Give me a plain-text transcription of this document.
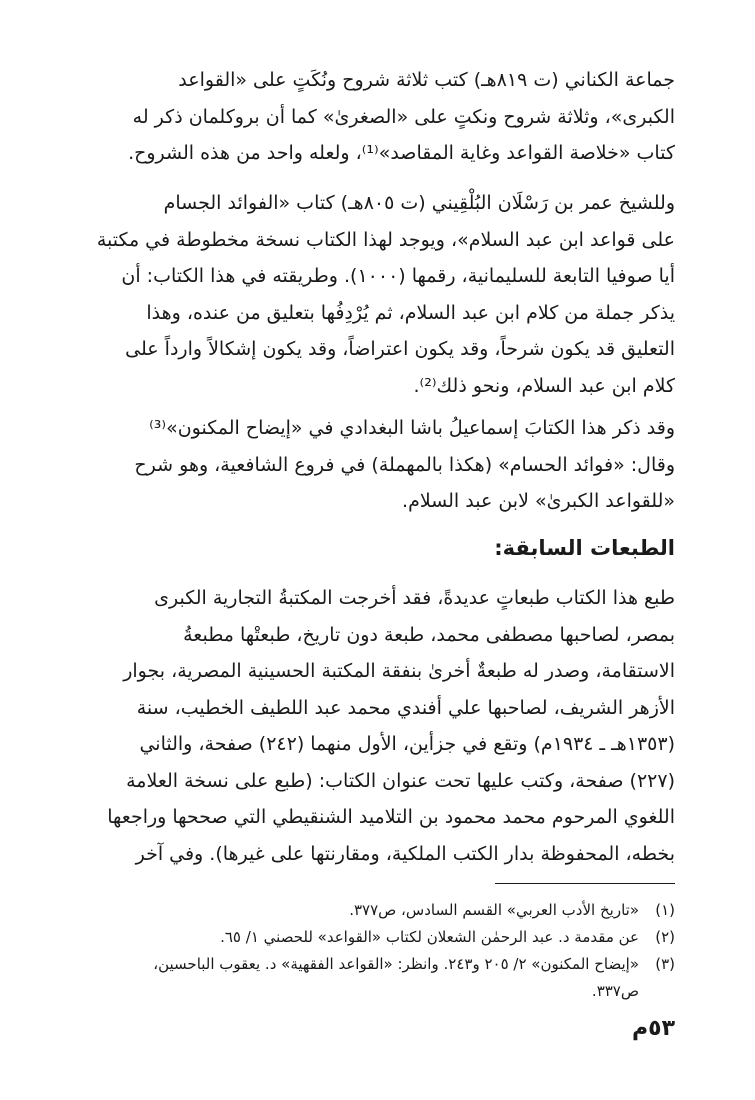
جماعة الكناني (ت ٨١٩هـ) كتب ثلاثة شروح ونُكَتٍ على «القواعد
الكبرى»، وثلاثة شروح ونكتٍ على «الصغرىٰ» كما أن بروكلمان ذكر له
كتاب «خلاصة القواعد وغاية المقاصد»⁽¹⁾، ولعله واحد من هذه الشروح.
وللشيخ عمر بن رَسْلَان البُلْقِيني (ت ٨٠٥هـ) كتاب «الفوائد الجسام
على قواعد ابن عبد السلام»، ويوجد لهذا الكتاب نسخة مخطوطة في مكتبة
أيا صوفيا التابعة للسليمانية، رقمها (١٠٠٠). وطريقته في هذا الكتاب: أن
يذكر جملة من كلام ابن عبد السلام، ثم يُرْدِفُها بتعليق من عنده، وهذا
التعليق قد يكون شرحاً، وقد يكون اعتراضاً، وقد يكون إشكالاً وارداً على
كلام ابن عبد السلام، ونحو ذلك⁽²⁾.
وقد ذكر هذا الكتابَ إسماعيلُ باشا البغدادي في «إيضاح المكنون»⁽³⁾
وقال: «فوائد الحسام» (هكذا بالمهملة) في فروع الشافعية، وهو شرح
«للقواعد الكبرىٰ» لابن عبد السلام.
الطبعات السابقة:
طبع هذا الكتاب طبعاتٍ عديدةً، فقد أخرجت المكتبةُ التجارية الكبرى
بمصر، لصاحبها مصطفى محمد، طبعة دون تاريخ، طبعتْها مطبعةُ
الاستقامة، وصدر له طبعةٌ أخرىٰ بنفقة المكتبة الحسينية المصرية، بجوار
الأزهر الشريف، لصاحبها علي أفندي محمد عبد اللطيف الخطيب، سنة
(١٣٥٣هـ ـ ١٩٣٤م) وتقع في جزأين، الأول منهما (٢٤٢) صفحة، والثاني
(٢٢٧) صفحة، وكتب عليها تحت عنوان الكتاب: (طبع على نسخة العلامة
اللغوي المرحوم محمد محمود بن التلاميد الشنقيطي التي صححها وراجعها
بخطه، المحفوظة بدار الكتب الملكية، ومقارنتها على غيرها). وفي آخر
(١)
«تاريخ الأدب العربي» القسم السادس، ص٣٧٧.
(٢)
عن مقدمة د. عبد الرحمٰن الشعلان لكتاب «القواعد» للحصني ١/ ٦٥.
(٣)
«إيضاح المكنون» ٢/ ٢٠٥ و٢٤٣. وانظر: «القواعد الفقهية» د. يعقوب الباحسين،
ص٣٣٧.
٥٣م
